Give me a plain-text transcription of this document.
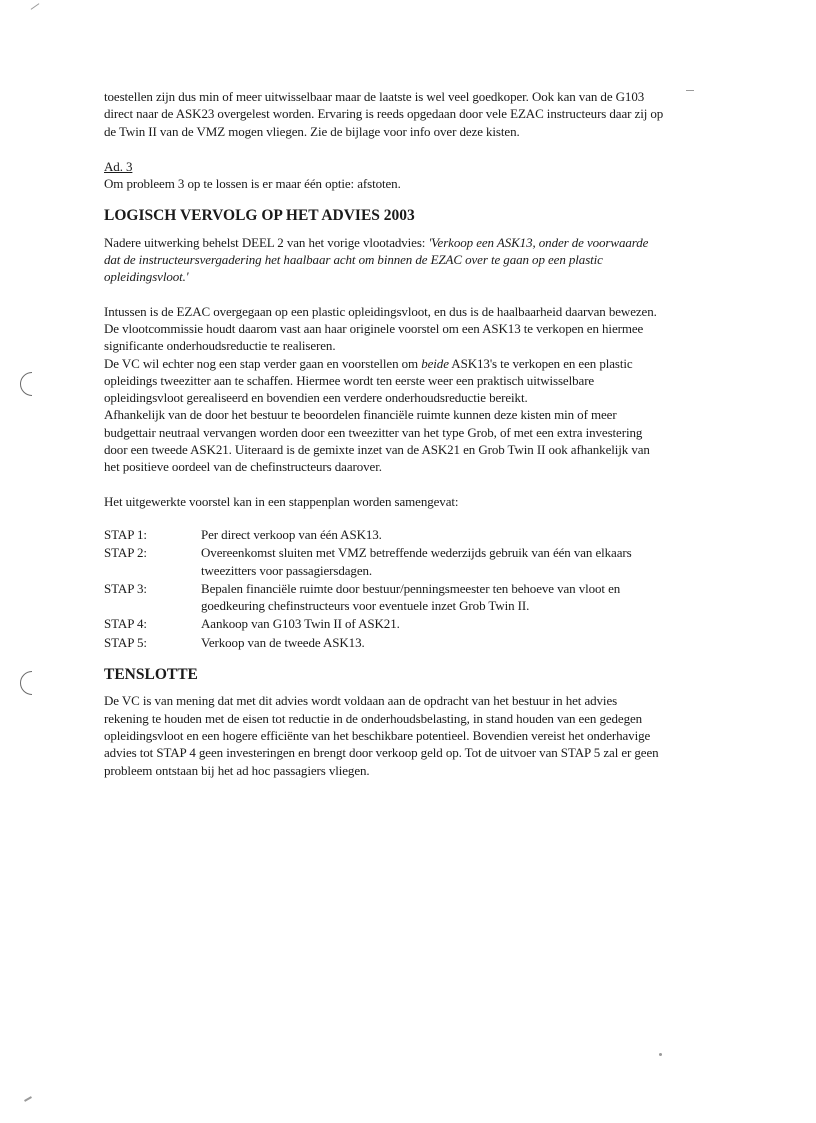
toestellen zijn dus min of meer uitwisselbaar maar de laatste is wel veel goedkoper. Ook kan van de G103 direct naar de ASK23 overgelest worden. Ervaring is reeds opgedaan door vele EZAC instructeurs daar zij op de Twin II van de VMZ mogen vliegen. Zie de bijlage voor info over deze kisten.

Ad. 3

Om probleem 3 op te lossen is er maar één optie: afstoten.

LOGISCH VERVOLG OP HET ADVIES 2003

Nadere uitwerking behelst DEEL 2 van het vorige vlootadvies: 'Verkoop een ASK13, onder de voorwaarde dat de instructeursvergadering het haalbaar acht om binnen de EZAC over te gaan op een plastic opleidingsvloot.'

Intussen is de EZAC overgegaan op een plastic opleidingsvloot, en dus is de haalbaarheid daarvan bewezen. De vlootcommissie houdt daarom vast aan haar originele voorstel om een ASK13 te verkopen en hiermee significante onderhoudsreductie te realiseren.

De VC wil echter nog een stap verder gaan en voorstellen om beide ASK13's te verkopen en een plastic opleidings tweezitter aan te schaffen. Hiermee wordt ten eerste weer een praktisch uitwisselbare opleidingsvloot gerealiseerd en bovendien een verdere onderhoudsreductie bereikt.

Afhankelijk van de door het bestuur te beoordelen financiële ruimte kunnen deze kisten min of meer budgettair neutraal vervangen worden door een tweezitter van het type Grob, of met een extra investering door een tweede ASK21. Uiteraard is de gemixte inzet van de ASK21 en Grob Twin II ook afhankelijk van het positieve oordeel van de chefinstructeurs daarover.

Het uitgewerkte voorstel kan in een stappenplan worden samengevat:

STAP 1:	Per direct verkoop van één ASK13.
STAP 2:	Overeenkomst sluiten met VMZ betreffende wederzijds gebruik van één van elkaars tweezitters voor passagiersdagen.
STAP 3:	Bepalen financiële ruimte door bestuur/penningsmeester ten behoeve van vloot en goedkeuring chefinstructeurs voor eventuele inzet Grob Twin II.
STAP 4:	Aankoop van G103 Twin II of ASK21.
STAP 5:	Verkoop van de tweede ASK13.
TENSLOTTE

De VC is van mening dat met dit advies wordt voldaan aan de opdracht van het bestuur in het advies rekening te houden met de eisen tot reductie in de onderhoudsbelasting, in stand houden van een gedegen opleidingsvloot en een hogere efficiënte van het beschikbare potentieel. Bovendien vereist het onderhavige advies tot STAP 4 geen investeringen en brengt door verkoop geld op. Tot de uitvoer van STAP 5 zal er geen probleem ontstaan bij het ad hoc passagiers vliegen.
